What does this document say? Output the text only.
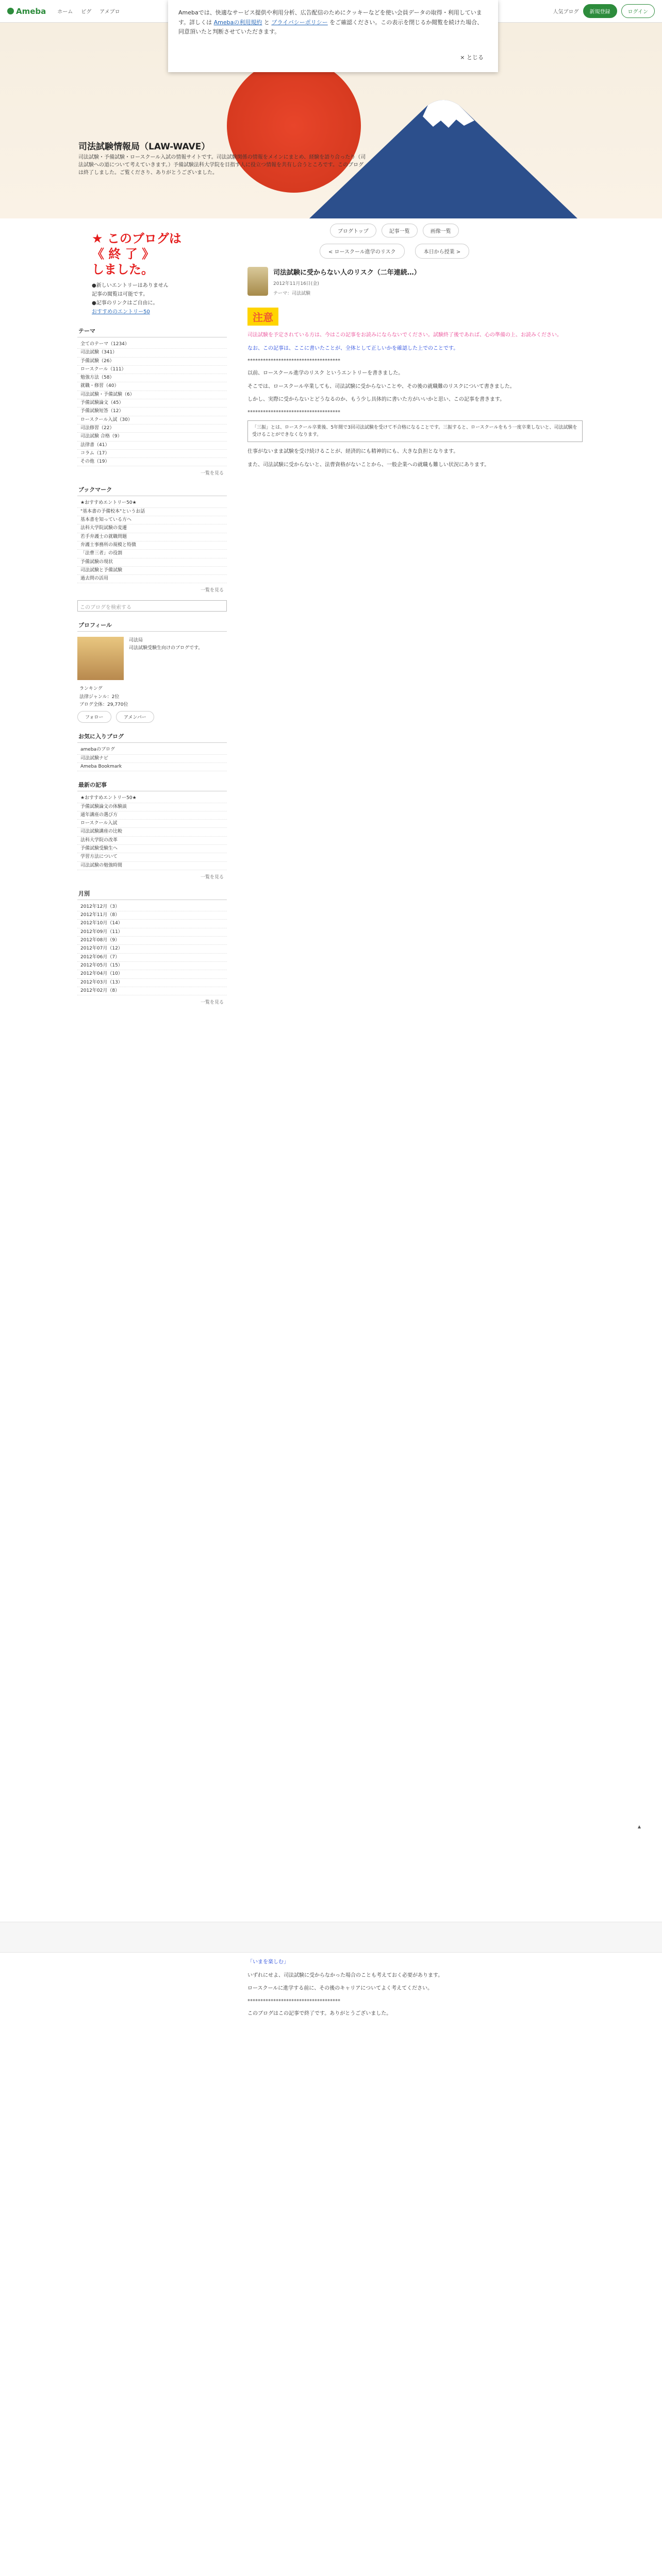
Ameba ホーム ピグ アメブロ	人気ブログ	新規登録	ログイン
Amebaでは、快適なサービス提供や利用分析、広告配信のためにクッキーなどを使い会員データの取得・利用しています。詳しくは Amebaの利用規約 と プライバシーポリシー をご確認ください。この表示を閉じるか閲覧を続けた場合、同意頂いたと判断させていただきます。
× とじる
司法試験情報局（LAW-WAVE）
司法試験・予備試験・ロースクール入試の情報サイトです。司法試験関係の情報をメインにまとめ、経験を語り合ったり（司法試験への道について考えていきます。）予備試験法科大学院を目指す人に役立つ情報を共有し合うところです。このブログは終了しました。ご覧くださり、ありがとうございました。
ブログトップ	記事一覧	画像一覧
< ロースクール進学のリスク	本日から授業 >
司法試験に受からない人のリスク（二年連続…）
2012年11月16日(金)
テーマ：司法試験
注意

司法試験を予定されている方は、今はこの記事をお読みにならないでください。試験終了後であれば、心の準備の上、お読みください。

なお、この記事は、ここに書いたことが、全体として正しいかを確認した上でのことです。

************************************

以前、ロースクール進学のリスク というエントリーを書きました。

そこでは、ロースクール卒業しても、司法試験に受からないことや、その後の就職難のリスクについて書きました。

しかし、実際に受からないとどうなるのか、もう少し具体的に書いた方がいいかと思い、この記事を書きます。

************************************
「三振」とは、ロースクール卒業後、5年間で3回司法試験を受けて不合格になることです。三振すると、ロースクールをもう一度卒業しないと、司法試験を受けることができなくなります。

仕事がないまま試験を受け続けることが、経済的にも精神的にも、大きな負担となります。

また、司法試験に受からないと、法曹資格がないことから、一般企業への就職も難しい状況にあります。

★ このブログは
《 終 了 》
しました。
●新しいエントリーはありません
記事の閲覧は可能です。
●記事のリンクはご自由に。
おすすめのエントリー50
テーマ
全てのテーマ（1234）
司法試験（341）
予備試験（26）
ロースクール（111）
勉強方法（58）
就職・修習（40）
司法試験・予備試験（6）
予備試験論文（45）
予備試験短答（12）
ロースクール入試（30）
司法修習（22）
司法試験 合格（9）
法律書（41）
コラム（17）
その他（19）
一覧を見る
ブックマーク
★おすすめエントリー50★
"基本書の予備校本"というお話
基本書を知っている方へ
法科大学院試験の変遷
若手弁護士の就職問題
弁護士事務所の規模と特徴
「法曹三者」の役割
予備試験の現状
司法試験と予備試験
過去問の活用
一覧を見る
このブログを検索する
プロフィール
司法局
司法試験受験生向けのブログです。
ランキング
法律ジャンル：2位
ブログ全体：29,770位
フォロー	アメンバー
お気に入りブログ
amebaのブログ
司法試験ナビ
Ameba Bookmark
最新の記事
★おすすめエントリー50★
予備試験論文の体験談
通年講座の選び方
ロースクール入試
司法試験講座の比較
法科大学院の改革
予備試験受験生へ
学習方法について
司法試験の勉強時間
一覧を見る
月別
2012年12月（3）
2012年11月（8）
2012年10月（14）
2012年09月（11）
2012年08月（9）
2012年07月（12）
2012年06月（7）
2012年05月（15）
2012年04月（10）
2012年03月（13）
2012年02月（8）
一覧を見る
▲

「いまを楽しむ」

いずれにせよ、司法試験に受からなかった場合のことも考えておく必要があります。

ロースクールに進学する前に、その後のキャリアについてよく考えてください。

************************************

このブログはこの記事で終了です。ありがとうございました。
